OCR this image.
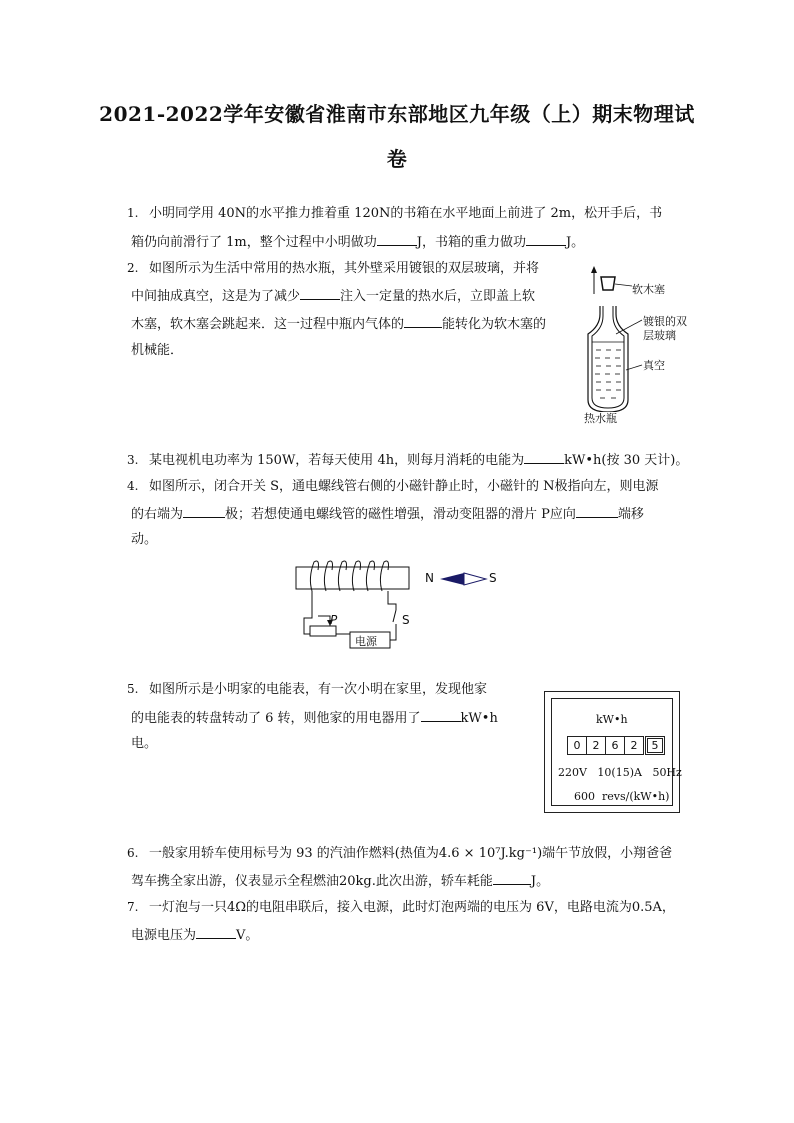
2021-2022学年安徽省淮南市东部地区九年级（上）期末物理试
卷
1. 小明同学用 40N的水平推力推着重 120N的书箱在水平地面上前进了 2m，松开手后，书
箱仍向前滑行了 1m，整个过程中小明做功	J，书箱的重力做功	J。
2. 如图所示为生活中常用的热水瓶，其外壁采用镀银的双层玻璃，并将
中间抽成真空，这是为了减少	注入一定量的热水后，立即盖上软
木塞，软木塞会跳起来．这一过程中瓶内气体的	能转化为软木塞的
机械能．
软木塞
镀银的双
层玻璃
真空
热水瓶
3. 某电视机电功率为 150W，若每天使用 4h，则每月消耗的电能为	kW•h(按 30 天计)。
4. 如图所示，闭合开关 S，通电螺线管右侧的小磁针静止时，小磁针的 N极指向左，则电源
的右端为	极；若想使通电螺线管的磁性增强，滑动变阻器的滑片 P应向	端移
动。
N	S
S
P
电源
5. 如图所示是小明家的电能表，有一次小明在家里，发现他家
的电能表的转盘转动了 6 转，则他家的用电器用了	kW•h
电。
kW•h
0	2	6	2	5
220V   10(15)A   50Hz
600  revs/(kW•h)
6. 一般家用轿车使用标号为 93 的汽油作燃料(热值为4.6 × 10⁷J.kg⁻¹)端午节放假，小翔爸爸
驾车携全家出游，仪表显示全程燃油20kg.此次出游，轿车耗能	J。
7. 一灯泡与一只4Ω的电阻串联后，接入电源，此时灯泡两端的电压为 6V，电路电流为0.5A，
电源电压为	V。
